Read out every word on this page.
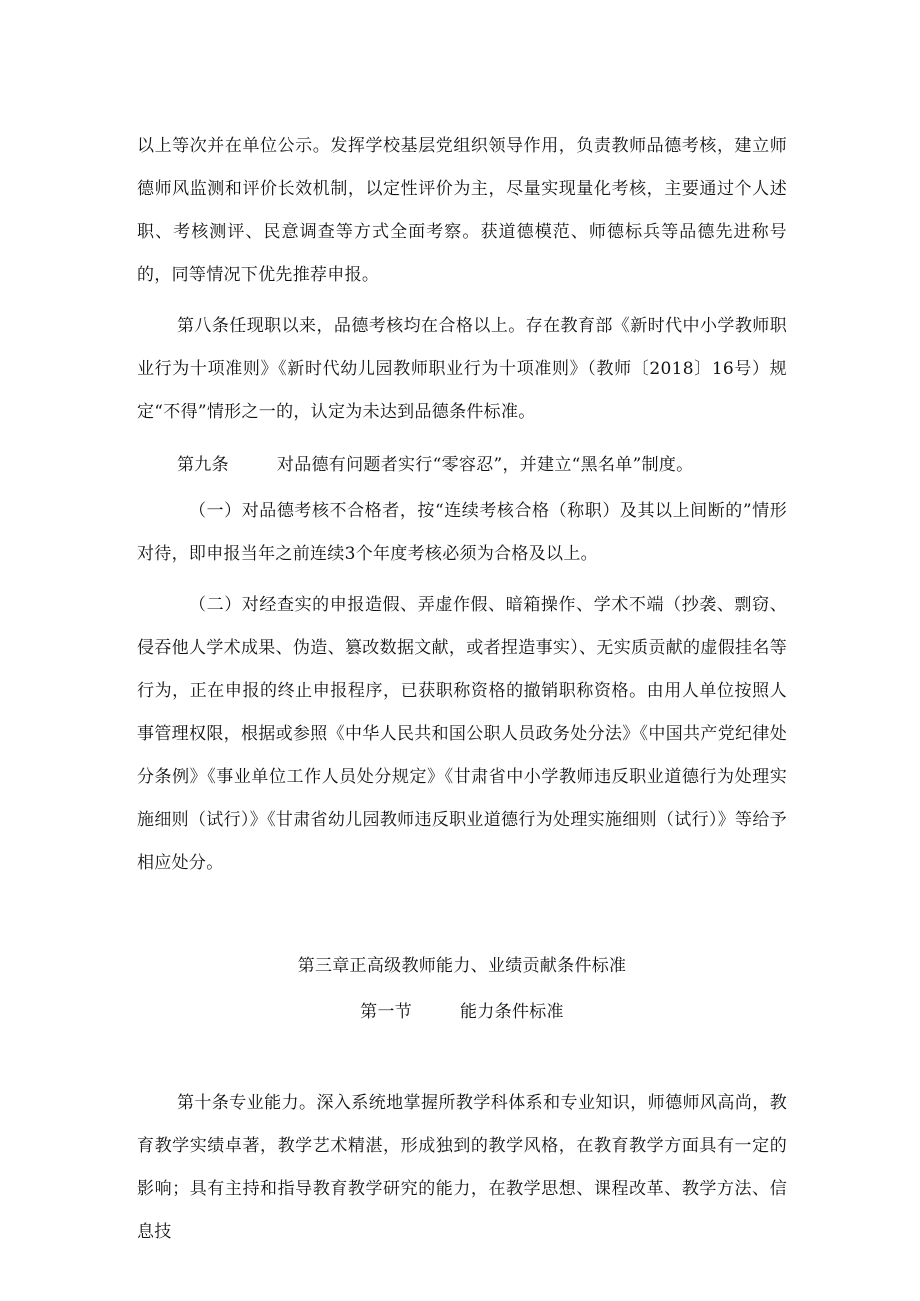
以上等次并在单位公示。发挥学校基层党组织领导作用，负责教师品德考核，建立师德师风监测和评价长效机制，以定性评价为主，尽量实现量化考核，主要通过个人述职、考核测评、民意调查等方式全面考察。获道德模范、师德标兵等品德先进称号的，同等情况下优先推荐申报。

第八条任现职以来，品德考核均在合格以上。存在教育部《新时代中小学教师职业行为十项准则》《新时代幼儿园教师职业行为十项准则》（教师〔2018〕16号）规定“不得”情形之一的，认定为未达到品德条件标准。

第九条	对品德有问题者实行“零容忍”，并建立“黑名单”制度。

（一）对品德考核不合格者，按“连续考核合格（称职）及其以上间断的”情形对待，即申报当年之前连续3个年度考核必须为合格及以上。

（二）对经查实的申报造假、弄虚作假、暗箱操作、学术不端（抄袭、剽窃、侵吞他人学术成果、伪造、篡改数据文献，或者捏造事实）、无实质贡献的虚假挂名等行为，正在申报的终止申报程序，已获职称资格的撤销职称资格。由用人单位按照人事管理权限，根据或参照《中华人民共和国公职人员政务处分法》《中国共产党纪律处分条例》《事业单位工作人员处分规定》《甘肃省中小学教师违反职业道德行为处理实施细则（试行）》《甘肃省幼儿园教师违反职业道德行为处理实施细则（试行）》等给予相应处分。

第三章正高级教师能力、业绩贡献条件标准

第一节	能力条件标准

第十条专业能力。深入系统地掌握所教学科体系和专业知识，师德师风高尚，教育教学实绩卓著，教学艺术精湛，形成独到的教学风格，在教育教学方面具有一定的影响；具有主持和指导教育教学研究的能力，在教学思想、课程改革、教学方法、信息技
